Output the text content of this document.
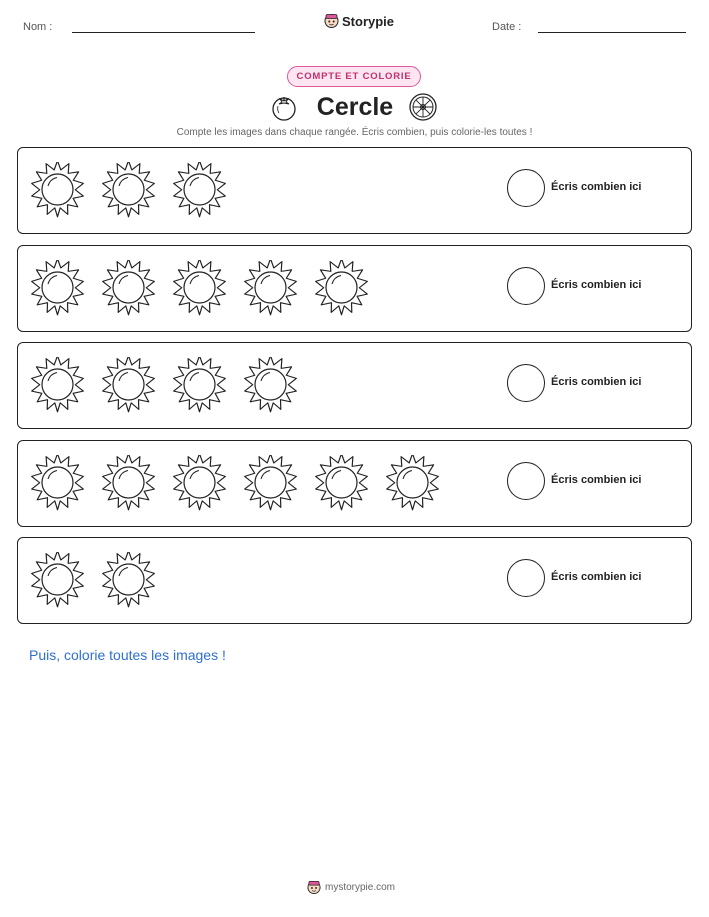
Nom :	Storypie	Date :
COMPTE ET COLORIE
Cercle
Compte les images dans chaque rangée. Écris combien, puis colorie-les toutes !
Écris combien ici
Écris combien ici
Écris combien ici
Écris combien ici
Écris combien ici
Puis, colorie toutes les images !
mystorypie.com
